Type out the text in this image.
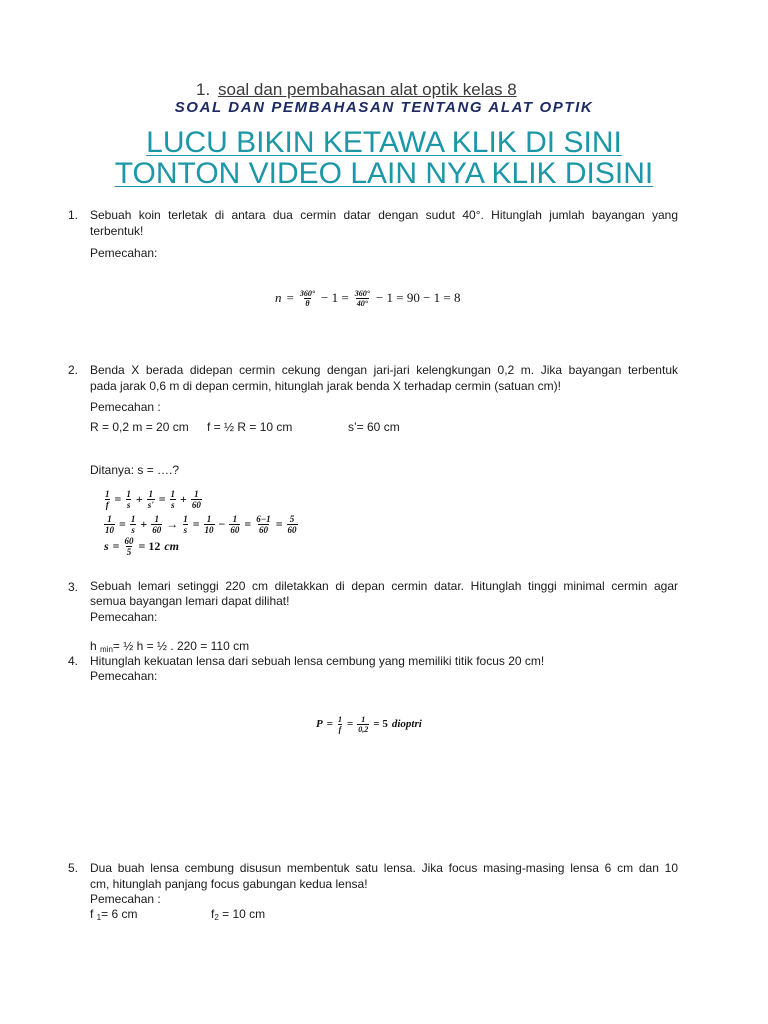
1. soal dan pembahasan alat optik kelas 8
SOAL DAN PEMBAHASAN TENTANG ALAT OPTIK
LUCU BIKIN KETAWA KLIK DI SINI
TONTON VIDEO LAIN NYA KLIK DISINI
1. Sebuah koin terletak di antara dua cermin datar dengan sudut 40°. Hitunglah jumlah bayangan yang
terbentuk!
Pemecahan:
$n = \frac{360^\circ}{\theta} - 1 = \frac{360^\circ}{40^\circ} - 1 = 90 - 1 = 8$
2. Benda X berada didepan cermin cekung dengan jari-jari kelengkungan 0,2 m. Jika bayangan terbentuk
pada jarak 0,6 m di depan cermin, hitunglah jarak benda X terhadap cermin (satuan cm)!
Pemecahan :
R = 0,2 m = 20 cm f = ½ R = 10 cm	s’= 60 cm
Ditanya: s = ….?
$\frac{1}{f} = \frac{1}{s} + \frac{1}{s'} = \frac{1}{s} + \frac{1}{60}$
$\frac{1}{10} = \frac{1}{s} + \frac{1}{60} \to \frac{1}{s} = \frac{1}{10} - \frac{1}{60} = \frac{6-1}{60} = \frac{5}{60}$
$s = \frac{60}{5} = 12$ cm
3. Sebuah lemari setinggi 220 cm diletakkan di depan cermin datar. Hitunglah tinggi minimal cermin agar
semua bayangan lemari dapat dilihat!
Pemecahan:
h $_{min}$= ½ h = ½ . 220 = 110 cm
4. Hitunglah kekuatan lensa dari sebuah lensa cembung yang memiliki titik focus 20 cm!
Pemecahan:
$P = \frac{1}{f} = \frac{1}{0,2} = 5$ dioptri
5. Dua buah lensa cembung disusun membentuk satu lensa. Jika focus masing-masing lensa 6 cm dan 10
cm, hitunglah panjang focus gabungan kedua lensa!
Pemecahan :
f $_1$= 6 cm	$f_2 = 10$ cm
